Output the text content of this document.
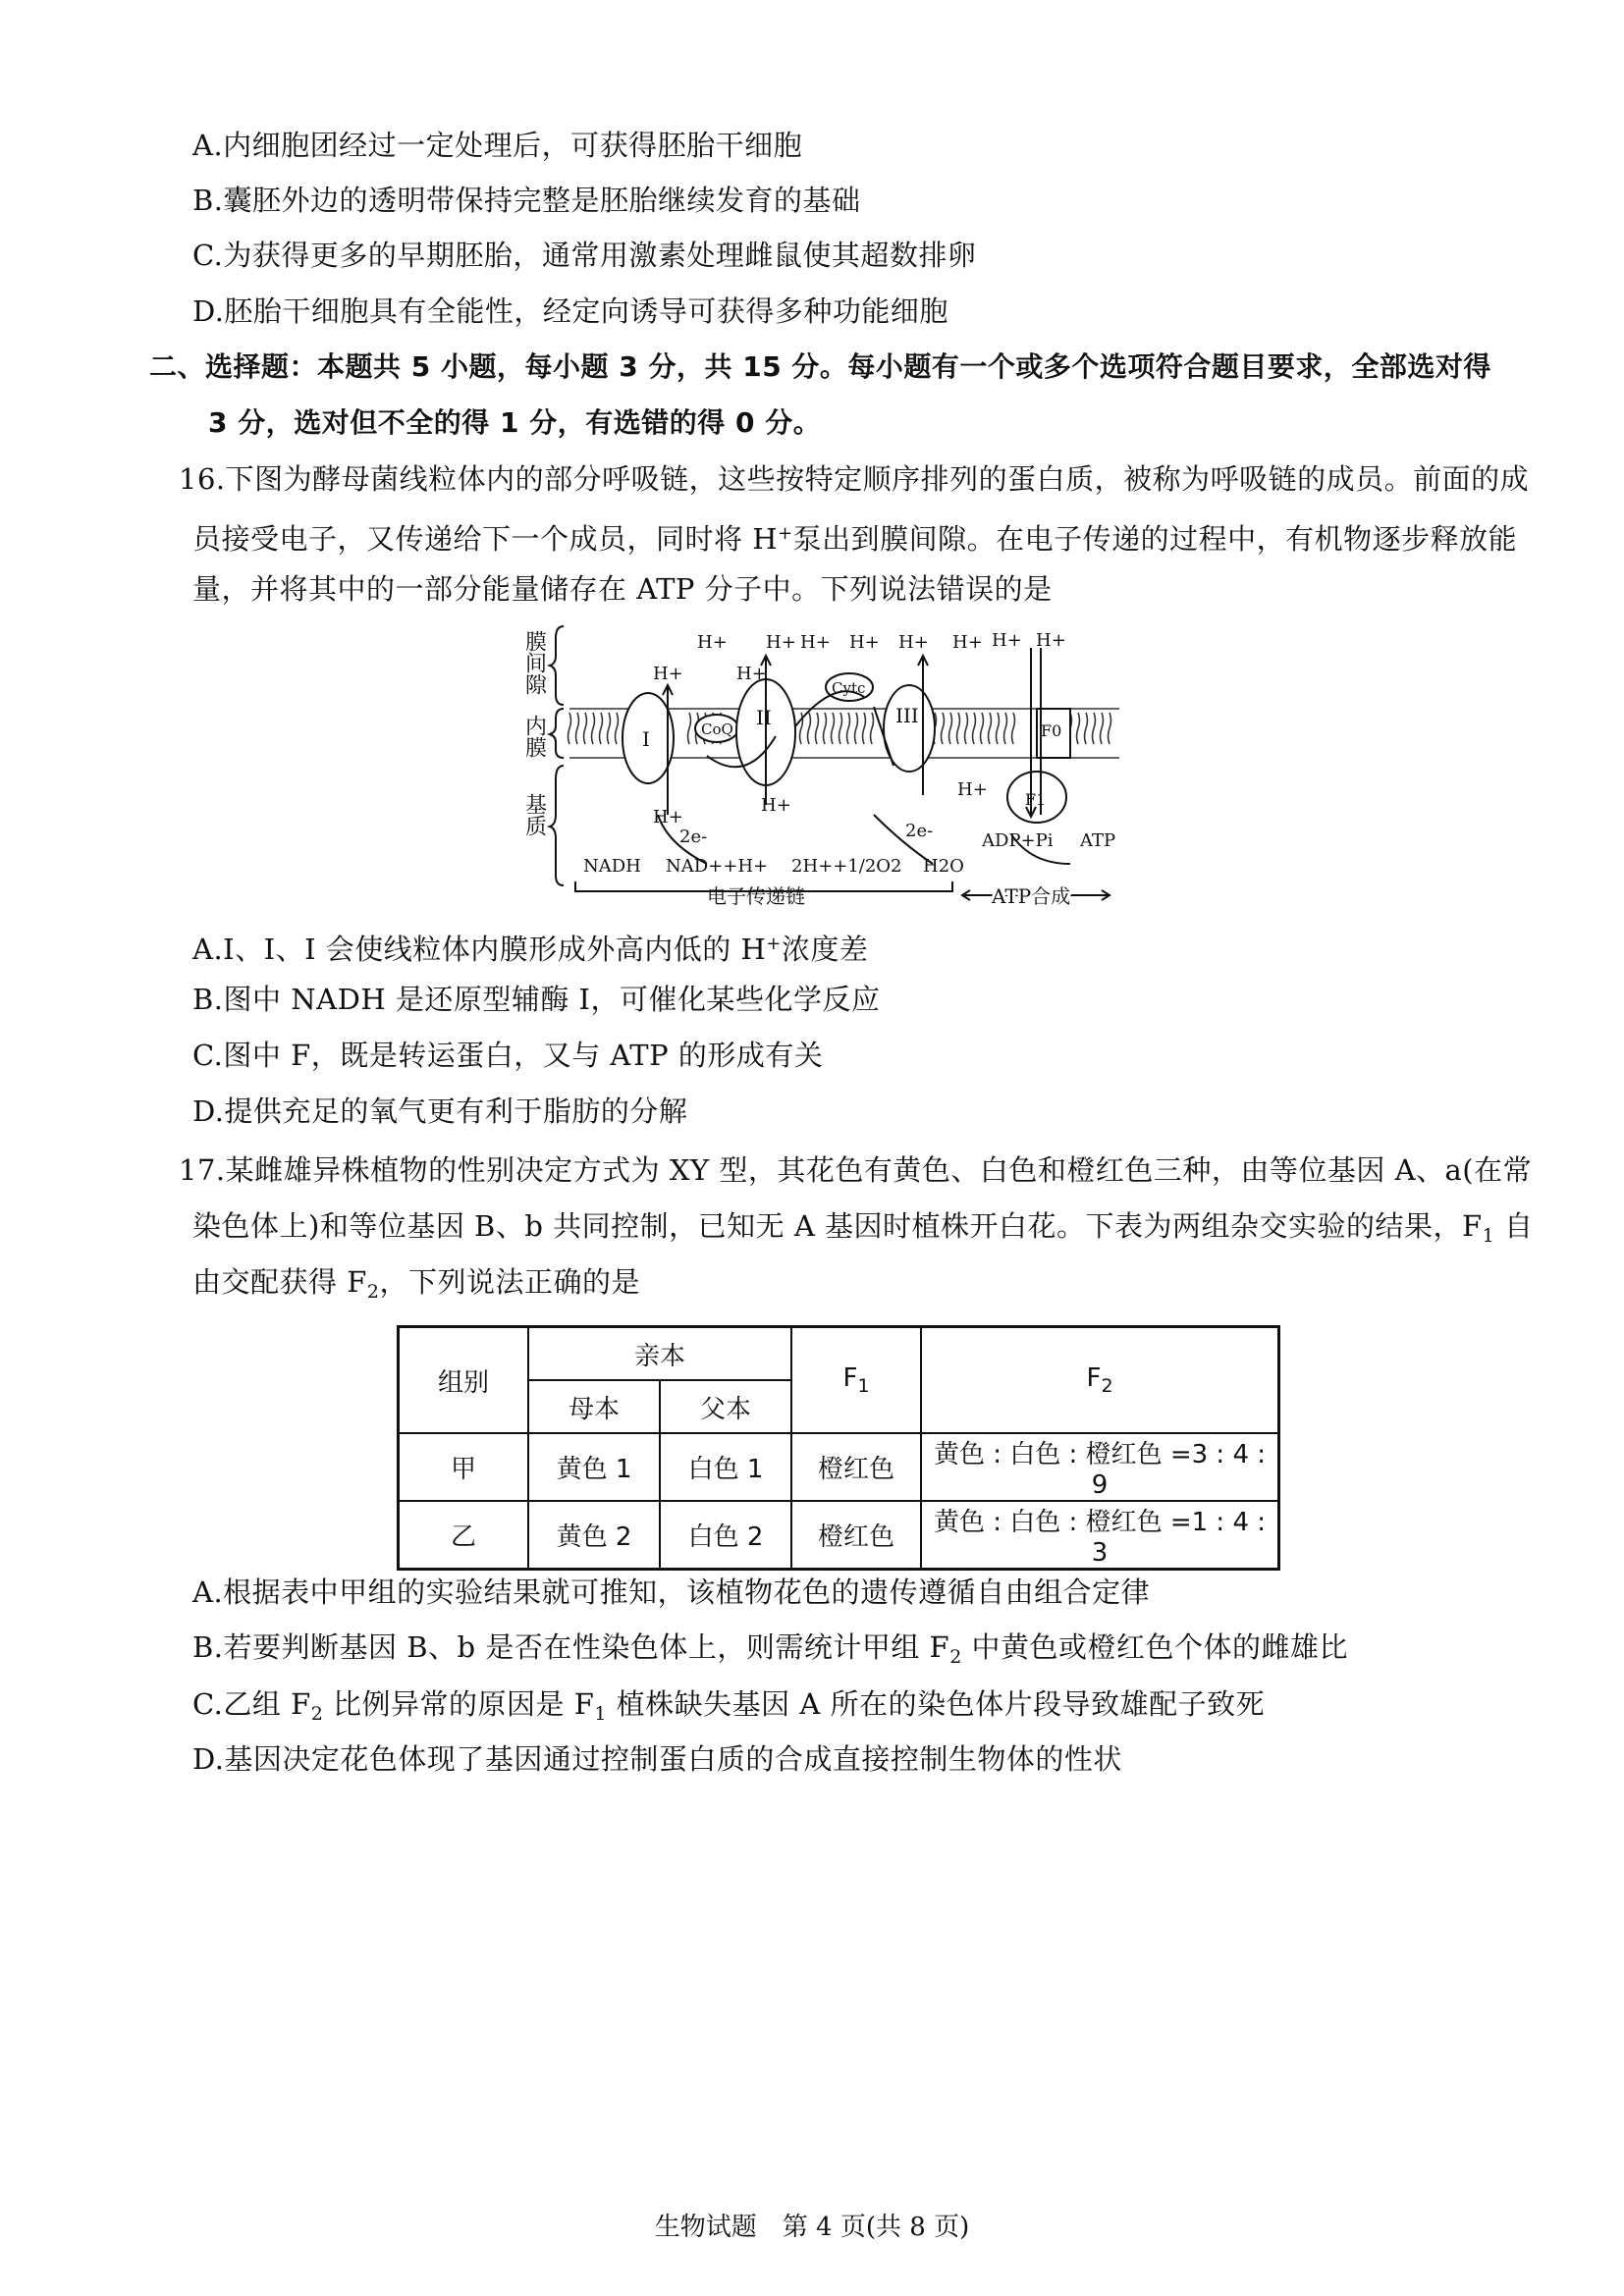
A.内细胞团经过一定处理后，可获得胚胎干细胞
B.囊胚外边的透明带保持完整是胚胎继续发育的基础
C.为获得更多的早期胚胎，通常用激素处理雌鼠使其超数排卵
D.胚胎干细胞具有全能性，经定向诱导可获得多种功能细胞
二、选择题：本题共 5 小题，每小题 3 分，共 15 分。每小题有一个或多个选项符合题目要求，全部选对得
3 分，选对但不全的得 1 分，有选错的得 0 分。
16.下图为酵母菌线粒体内的部分呼吸链，这些按特定顺序排列的蛋白质，被称为呼吸链的成员。前面的成
员接受电子，又传递给下一个成员，同时将 H+泵出到膜间隙。在电子传递的过程中，有机物逐步释放能
量，并将其中的一部分能量储存在 ATP 分子中。下列说法错误的是
膜间隙
内膜
基质
I	CoQ II
Cytc
III
F0
F1
H+ H+ H+ H+ H+ H+ H+ H+
H+	H+
H+
H+
H+
2e-	2e-
NADH NAD++H+ 2H++1/2O2 H2O
ADP+Pi ATP
电子传递链	ATP合成
A.I、I、I 会使线粒体内膜形成外高内低的 H+浓度差
B.图中 NADH 是还原型辅酶 I，可催化某些化学反应
C.图中 F，既是转运蛋白，又与 ATP 的形成有关
D.提供充足的氧气更有利于脂肪的分解
17.某雌雄异株植物的性别决定方式为 XY 型，其花色有黄色、白色和橙红色三种，由等位基因 A、a(在常
染色体上)和等位基因 B、b 共同控制，已知无 A 基因时植株开白花。下表为两组杂交实验的结果，$F_1$ 自
由交配获得 $F_2$，下列说法正确的是
组别	亲本		$F_1$	$F_2$
	母本	父本		
甲	黄色 1	白色 1	橙红色	黄色 : 白色 : 橙红色 =3 : 4 : 9
乙	黄色 2	白色 2	橙红色	黄色 : 白色 : 橙红色 =1 : 4 : 3
A.根据表中甲组的实验结果就可推知，该植物花色的遗传遵循自由组合定律
B.若要判断基因 B、b 是否在性染色体上，则需统计甲组 $F_2$ 中黄色或橙红色个体的雌雄比
C.乙组 $F_2$ 比例异常的原因是 $F_1$ 植株缺失基因 A 所在的染色体片段导致雄配子致死
D.基因决定花色体现了基因通过控制蛋白质的合成直接控制生物体的性状
生物试题　第 4 页(共 8 页)
